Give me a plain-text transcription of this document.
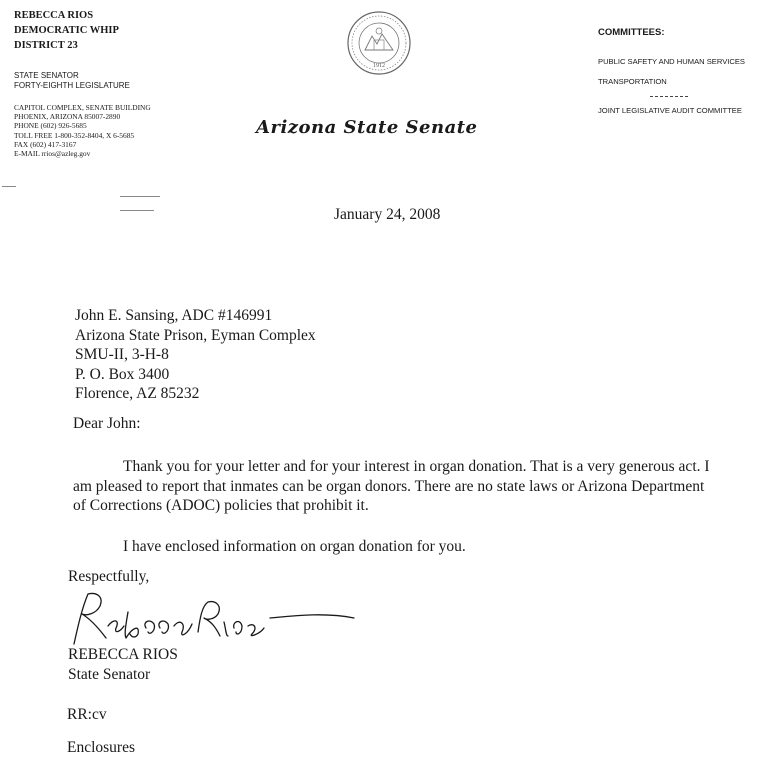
REBECCA RIOS
DEMOCRATIC WHIP
DISTRICT 23
STATE SENATOR
FORTY-EIGHTH LEGISLATURE
CAPITOL COMPLEX, SENATE BUILDING
PHOENIX, ARIZONA 85007-2890
PHONE (602) 926-5685
TOLL FREE 1-800-352-8404, X 6-5685
FAX (602) 417-3167
E-MAIL rrios@azleg.gov
1912
Arizona State Senate
COMMITTEES:
PUBLIC SAFETY AND HUMAN SERVICES
TRANSPORTATION
JOINT LEGISLATIVE AUDIT COMMITTEE
January 24, 2008
John E. Sansing, ADC #146991
Arizona State Prison, Eyman Complex
SMU-II, 3-H-8
P. O. Box 3400
Florence, AZ 85232
Dear John:
Thank you for your letter and for your interest in organ donation. That is a very generous act. I am pleased to report that inmates can be organ donors. There are no state laws or Arizona Department of Corrections (ADOC) policies that prohibit it.
I have enclosed information on organ donation for you.
Respectfully,
REBECCA RIOS
State Senator
RR:cv
Enclosures
